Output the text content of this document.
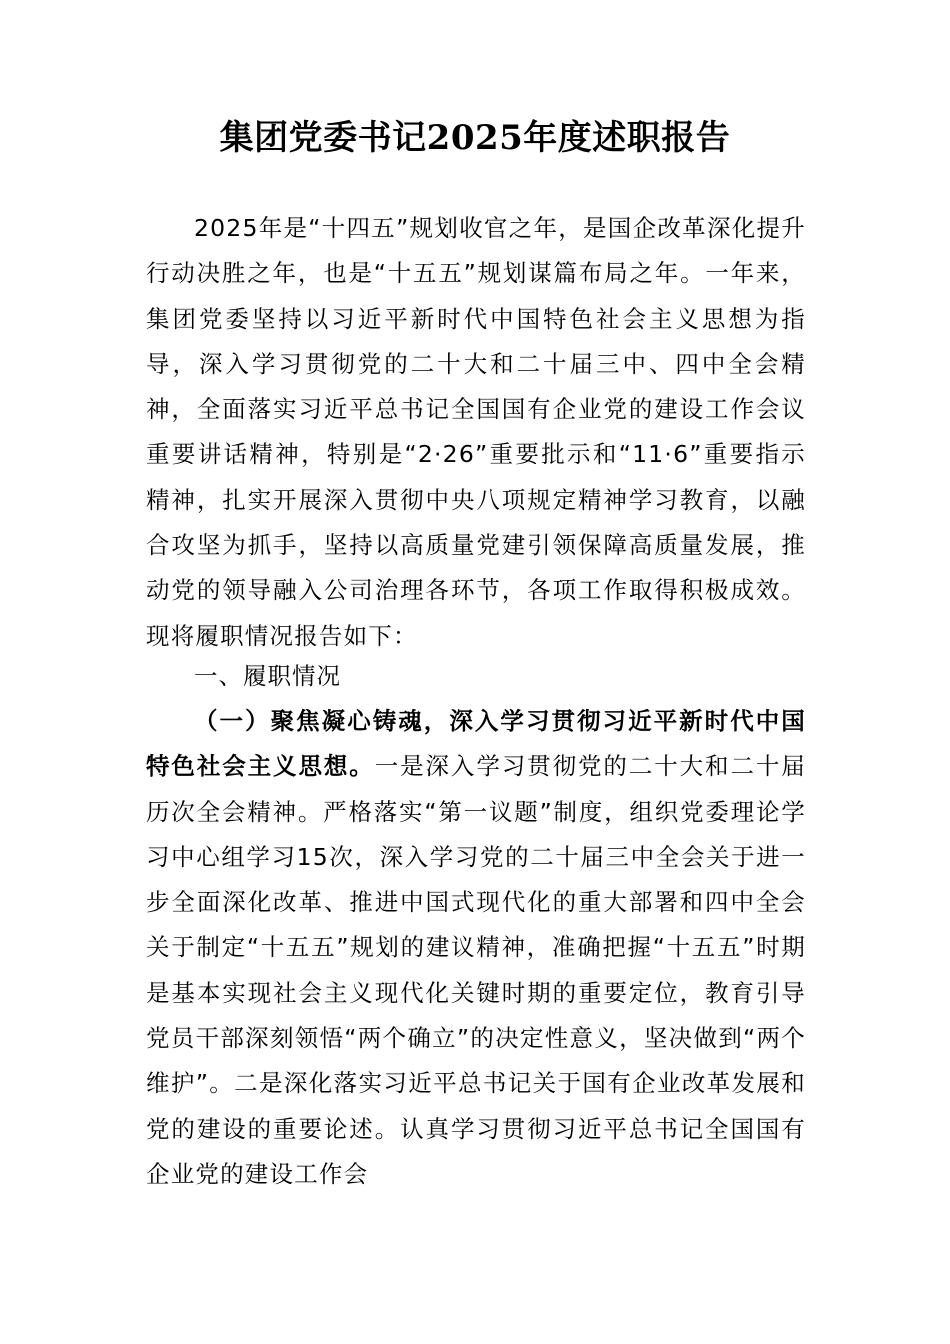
集团党委书记2025年度述职报告
2025年是“十四五”规划收官之年，是国企改革深化提升行动决胜之年，也是“十五五”规划谋篇布局之年。一年来，集团党委坚持以习近平新时代中国特色社会主义思想为指导，深入学习贯彻党的二十大和二十届三中、四中全会精神，全面落实习近平总书记全国国有企业党的建设工作会议重要讲话精神，特别是“2·26”重要批示和“11·6”重要指示精神，扎实开展深入贯彻中央八项规定精神学习教育，以融合攻坚为抓手，坚持以高质量党建引领保障高质量发展，推动党的领导融入公司治理各环节，各项工作取得积极成效。现将履职情况报告如下：
一、履职情况
（一）聚焦凝心铸魂，深入学习贯彻习近平新时代中国特色社会主义思想。一是深入学习贯彻党的二十大和二十届历次全会精神。严格落实“第一议题”制度，组织党委理论学习中心组学习15次，深入学习党的二十届三中全会关于进一步全面深化改革、推进中国式现代化的重大部署和四中全会关于制定“十五五”规划的建议精神，准确把握“十五五”时期是基本实现社会主义现代化关键时期的重要定位，教育引导党员干部深刻领悟“两个确立”的决定性意义，坚决做到“两个维护”。二是深化落实习近平总书记关于国有企业改革发展和党的建设的重要论述。认真学习贯彻习近平总书记全国国有企业党的建设工作会
